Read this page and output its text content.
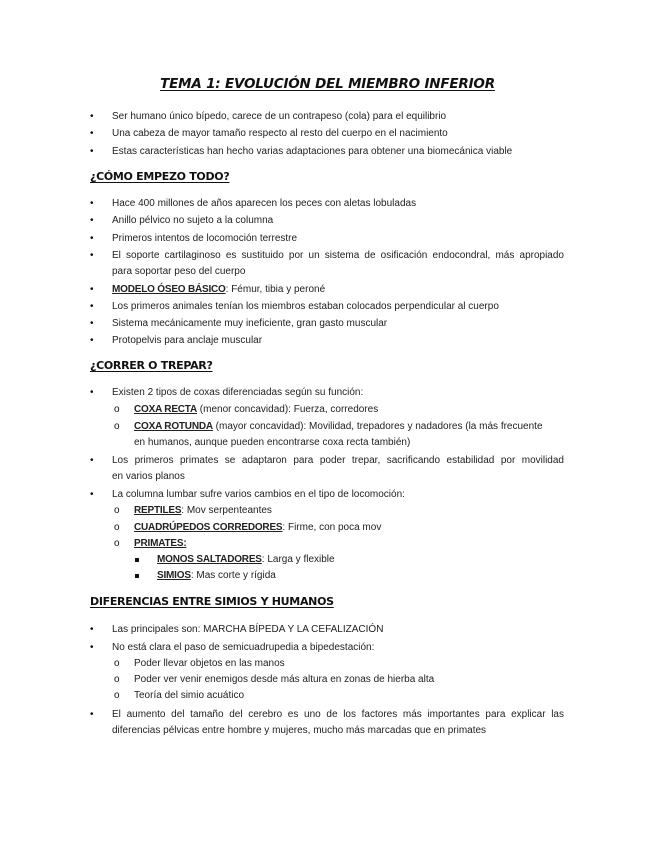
TEMA 1: EVOLUCIÓN DEL MIEMBRO INFERIOR
• Ser humano único bípedo, carece de un contrapeso (cola) para el equilibrio
• Una cabeza de mayor tamaño respecto al resto del cuerpo en el nacimiento
• Estas características han hecho varias adaptaciones para obtener una biomecánica viable
¿CÓMO EMPEZO TODO?
• Hace 400 millones de años aparecen los peces con aletas lobuladas
• Anillo pélvico no sujeto a la columna
• Primeros intentos de locomoción terrestre
• El soporte cartilaginoso es sustituido por un sistema de osificación endocondral, más apropiado
para soportar peso del cuerpo
• MODELO ÓSEO BÁSICO: Fémur, tibia y peroné
• Los primeros animales tenían los miembros estaban colocados perpendicular al cuerpo
• Sistema mecánicamente muy ineficiente, gran gasto muscular
• Protopelvis para anclaje muscular
¿CORRER O TREPAR?
• Existen 2 tipos de coxas diferenciadas según su función:
o COXA RECTA (menor concavidad): Fuerza, corredores
o COXA ROTUNDA (mayor concavidad): Movilidad, trepadores y nadadores (la más frecuente
en humanos, aunque pueden encontrarse coxa recta también)
• Los primeros primates se adaptaron para poder trepar, sacrificando estabilidad por movilidad
en varios planos
• La columna lumbar sufre varios cambios en el tipo de locomoción:
o REPTILES: Mov serpenteantes
o CUADRÚPEDOS CORREDORES: Firme, con poca mov
o PRIMATES:
MONOS SALTADORES: Larga y flexible
SIMIOS: Mas corte y rígida
DIFERENCIAS ENTRE SIMIOS Y HUMANOS
• Las principales son: MARCHA BÍPEDA Y LA CEFALIZACIÓN
• No está clara el paso de semicuadrupedia a bipedestación:
o Poder llevar objetos en las manos
o Poder ver venir enemigos desde más altura en zonas de hierba alta
o Teoría del simio acuático
• El aumento del tamaño del cerebro es uno de los factores más importantes para explicar las
diferencias pélvicas entre hombre y mujeres, mucho más marcadas que en primates
